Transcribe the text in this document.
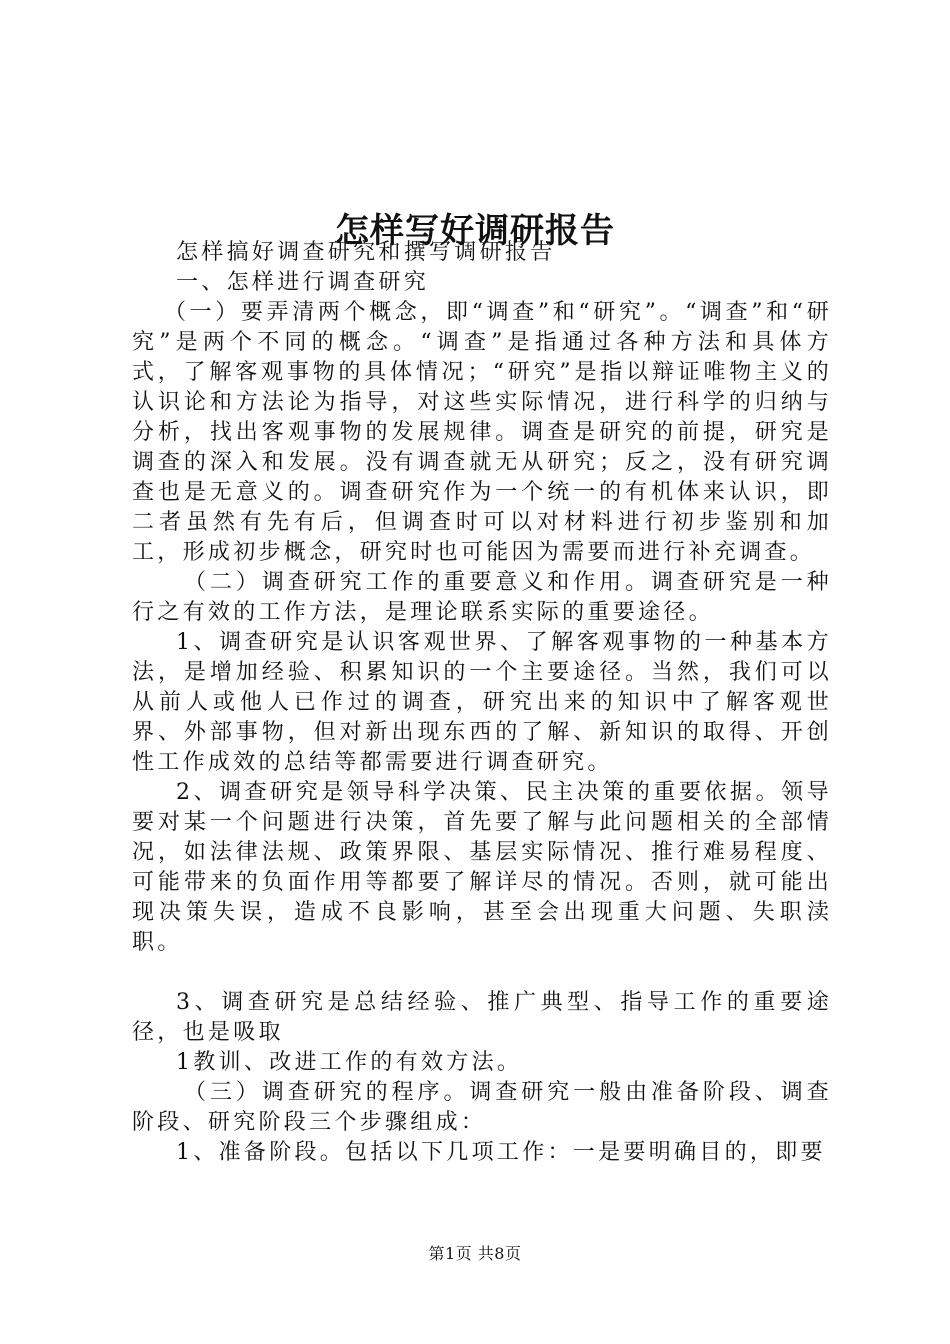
怎样写好调研报告

怎样搞好调查研究和撰写调研报告

一、怎样进行调查研究

（一）要弄清两个概念，即“调查”和“研究”。“调查”和“研究”是两个不同的概念。“调查”是指通过各种方法和具体方式，了解客观事物的具体情况；“研究”是指以辩证唯物主义的认识论和方法论为指导，对这些实际情况，进行科学的归纳与分析，找出客观事物的发展规律。调查是研究的前提，研究是调查的深入和发展。没有调查就无从研究；反之，没有研究调查也是无意义的。调查研究作为一个统一的有机体来认识，即二者虽然有先有后，但调查时可以对材料进行初步鉴别和加工，形成初步概念，研究时也可能因为需要而进行补充调查。

（二）调查研究工作的重要意义和作用。调查研究是一种行之有效的工作方法，是理论联系实际的重要途径。

1、调查研究是认识客观世界、了解客观事物的一种基本方法，是增加经验、积累知识的一个主要途径。当然，我们可以从前人或他人已作过的调查，研究出来的知识中了解客观世界、外部事物，但对新出现东西的了解、新知识的取得、开创性工作成效的总结等都需要进行调查研究。

2、调查研究是领导科学决策、民主决策的重要依据。领导要对某一个问题进行决策，首先要了解与此问题相关的全部情况，如法律法规、政策界限、基层实际情况、推行难易程度、可能带来的负面作用等都要了解详尽的情况。否则，就可能出现决策失误，造成不良影响，甚至会出现重大问题、失职渎职。

3、调查研究是总结经验、推广典型、指导工作的重要途径，也是吸取

1教训、改进工作的有效方法。

（三）调查研究的程序。调查研究一般由准备阶段、调查阶段、研究阶段三个步骤组成：

1、准备阶段。包括以下几项工作：一是要明确目的，即要

第1页 共8页
